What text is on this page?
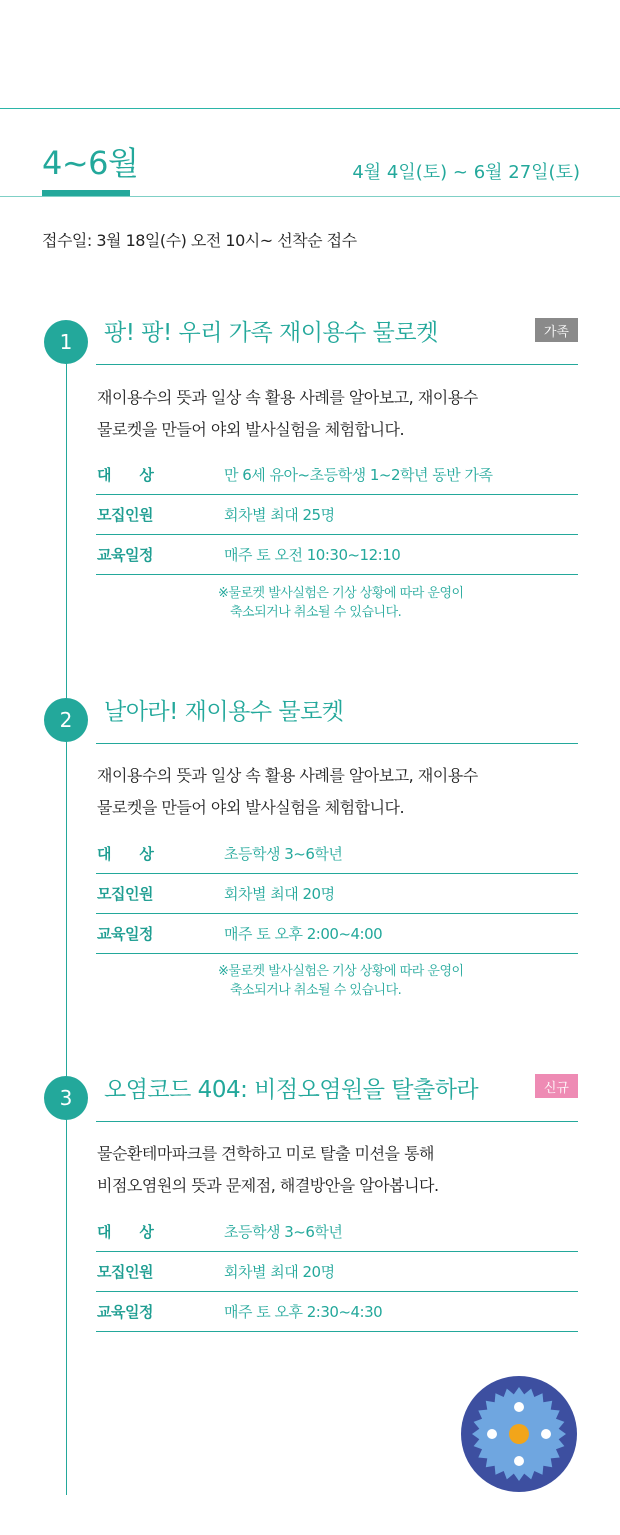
4~6월	4월 4일(토) ~ 6월 27일(토)
접수일: 3월 18일(수) 오전 10시~ 선착순 접수
1	팡! 팡! 우리 가족 재이용수 물로켓	가족
재이용수의 뜻과 일상 속 활용 사례를 알아보고, 재이용수
물로켓을 만들어 야외 발사실험을 체험합니다.
대      상	만 6세 유아~초등학생 1~2학년 동반 가족
모집인원	회차별 최대 25명
교육일정	매주 토 오전 10:30~12:10
※물로켓 발사실험은 기상 상황에 따라 운영이
축소되거나 취소될 수 있습니다.
2	날아라! 재이용수 물로켓
재이용수의 뜻과 일상 속 활용 사례를 알아보고, 재이용수
물로켓을 만들어 야외 발사실험을 체험합니다.
대      상	초등학생 3~6학년
모집인원	회차별 최대 20명
교육일정	매주 토 오후 2:00~4:00
※물로켓 발사실험은 기상 상황에 따라 운영이
축소되거나 취소될 수 있습니다.
3	오염코드 404: 비점오염원을 탈출하라	신규
물순환테마파크를 견학하고 미로 탈출 미션을 통해
비점오염원의 뜻과 문제점, 해결방안을 알아봅니다.
대      상	초등학생 3~6학년
모집인원	회차별 최대 20명
교육일정	매주 토 오후 2:30~4:30
